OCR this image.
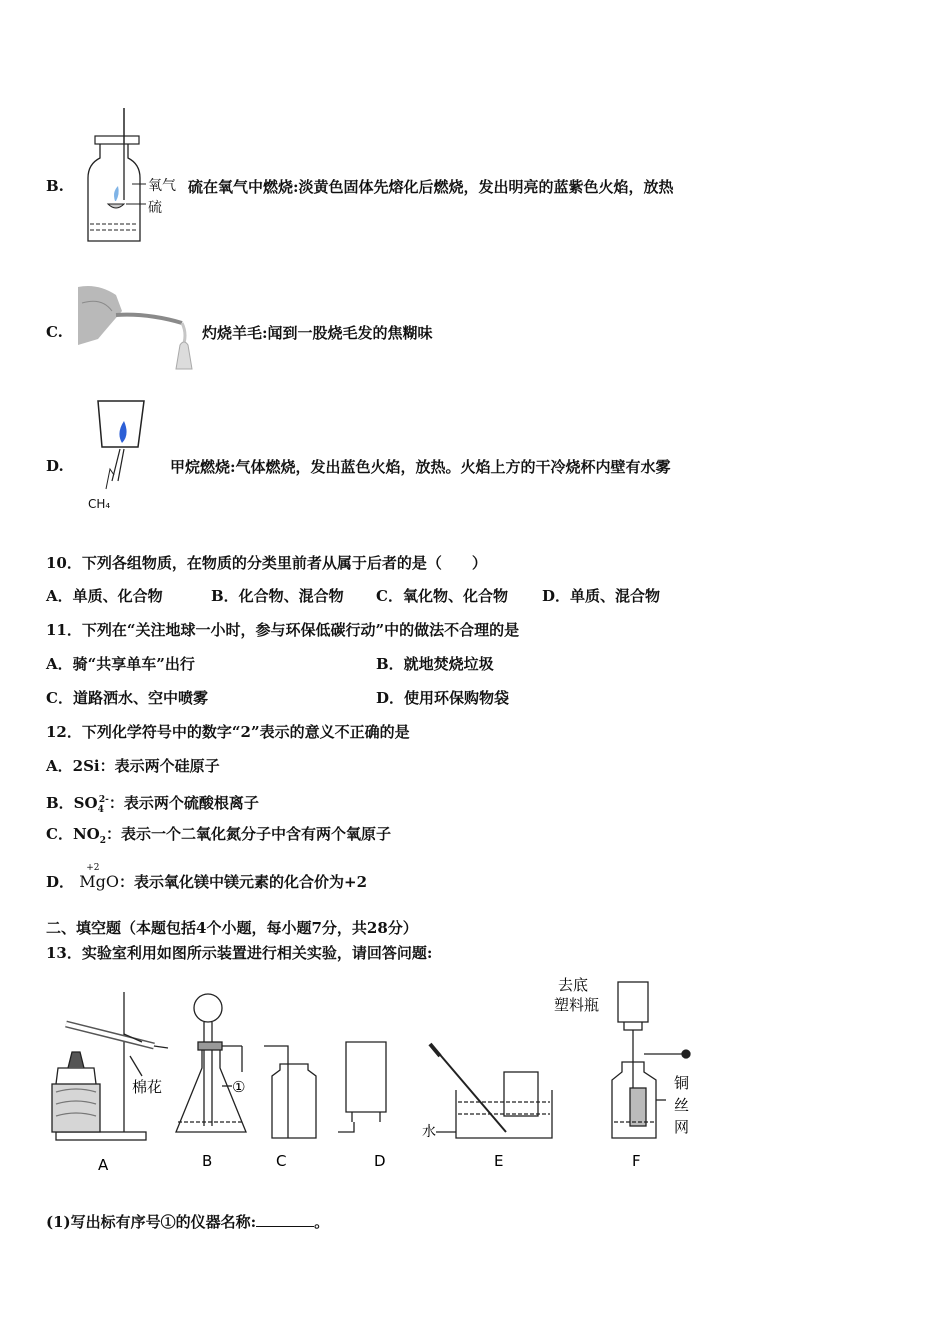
B.	氧气
硫
硫在氧气中燃烧:淡黄色固体先熔化后燃烧，发出明亮的蓝紫色火焰，放热
C.	灼烧羊毛:闻到一股烧毛发的焦糊味
D.
CH₄
甲烷燃烧:气体燃烧，发出蓝色火焰，放热。火焰上方的干冷烧杯内壁有水雾
10．下列各组物质，在物质的分类里前者从属于后者的是（　　）
A．单质、化合物	B．化合物、混合物 C．氧化物、化合物 D．单质、混合物
11．下列在“关注地球一小时，参与环保低碳行动”中的做法不合理的是
A．骑“共享单车”出行	B．就地焚烧垃圾
C．道路洒水、空中喷雾	D．使用环保购物袋
12．下列化学符号中的数字“2”表示的意义不正确的是
A．2Si：表示两个硅原子
B．$SO_4^{2-}$：表示两个硫酸根离子
C．$NO_2$：表示一个二氧化氮分子中含有两个氧原子
D．
+2
MgO：表示氧化镁中镁元素的化合价为+2
二、填空题（本题包括4个小题，每小题7分，共28分）
13．实验室利用如图所示装置进行相关实验，请回答问题:
棉花	①
水
去底
塑料瓶
铜
丝
网
A	B	C	D	E	F
(1)写出标有序号①的仪器名称:	。
